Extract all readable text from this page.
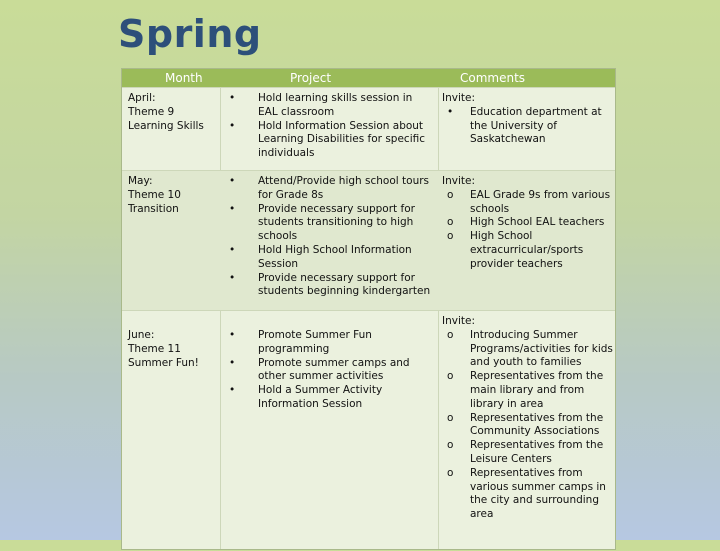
Spring
Month	Project	Comments
April:
Theme 9
Learning Skills
• Hold learning skills session in EAL classroom
• Hold Information Session about Learning Disabilities for specific individuals
Invite:
• Education department at the University of Saskatchewan
May:
Theme 10
Transition
• Attend/Provide high school tours for Grade 8s
• Provide necessary support for students transitioning to high schools
• Hold High School Information Session
• Provide necessary support for students beginning kindergarten
Invite:
o EAL Grade 9s from various schools
o High School EAL teachers
o High School extracurricular/sports provider teachers
June:
Theme 11
Summer Fun!
• Promote Summer Fun programming
• Promote summer camps and other summer activities
• Hold a Summer Activity Information Session
Invite:
o Introducing Summer Programs/activities for kids and youth to families
o Representatives from the main library and from library in area
o Representatives from the Community Associations
o Representatives from the Leisure Centers
o Representatives from various summer camps in the city and surrounding area
